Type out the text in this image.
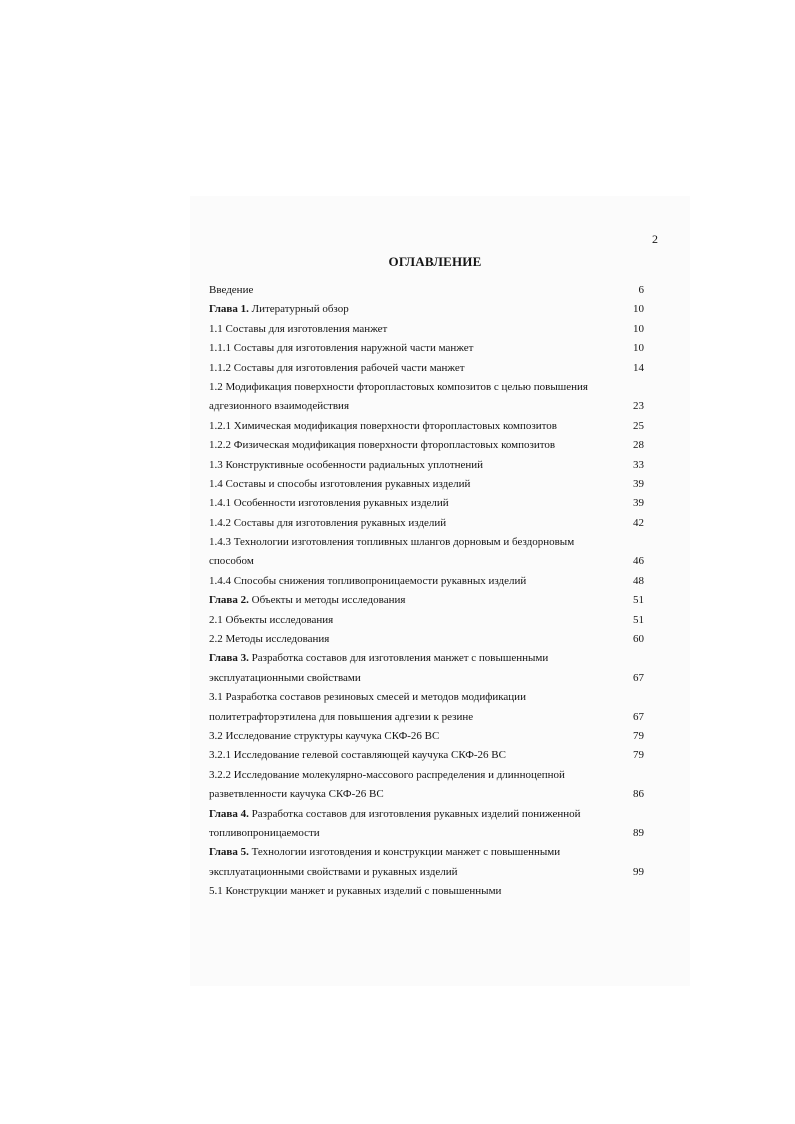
2
ОГЛАВЛЕНИЕ
Введение	6
Глава 1. Литературный обзор	10
1.1 Составы для изготовления манжет	10
1.1.1 Составы для изготовления наружной части манжет	10
1.1.2 Составы для изготовления рабочей части манжет	14
1.2 Модификация поверхности фторопластовых композитов с целью повышения
адгезионного взаимодействия	23
1.2.1 Химическая модификация поверхности фторопластовых композитов	25
1.2.2 Физическая модификация поверхности фторопластовых композитов	28
1.3 Конструктивные особенности радиальных уплотнений	33
1.4 Составы и способы изготовления рукавных изделий	39
1.4.1 Особенности изготовления рукавных изделий	39
1.4.2 Составы для изготовления рукавных изделий	42
1.4.3 Технологии изготовления топливных шлангов дорновым и бездорновым
способом	46
1.4.4 Способы снижения топливопроницаемости рукавных изделий	48
Глава 2. Объекты и методы исследования	51
2.1 Объекты исследования	51
2.2 Методы исследования	60
Глава 3. Разработка составов для изготовления манжет с повышенными
эксплуатационными свойствами	67
3.1 Разработка составов резиновых смесей и методов модификации
политетрафторэтилена для повышения адгезии к резине	67
3.2 Исследование структуры каучука СКФ-26 ВС	79
3.2.1 Исследование гелевой составляющей каучука СКФ-26 ВС	79
3.2.2 Исследование молекулярно-массового распределения и длинноцепной
разветвленности каучука СКФ-26 ВС	86
Глава 4. Разработка составов для изготовления рукавных изделий пониженной
топливопроницаемости	89
Глава 5. Технологии изготовдения и конструкции манжет с повышенными
эксплуатационными свойствами и рукавных изделий	99
5.1 Конструкции манжет и рукавных изделий с повышенными
